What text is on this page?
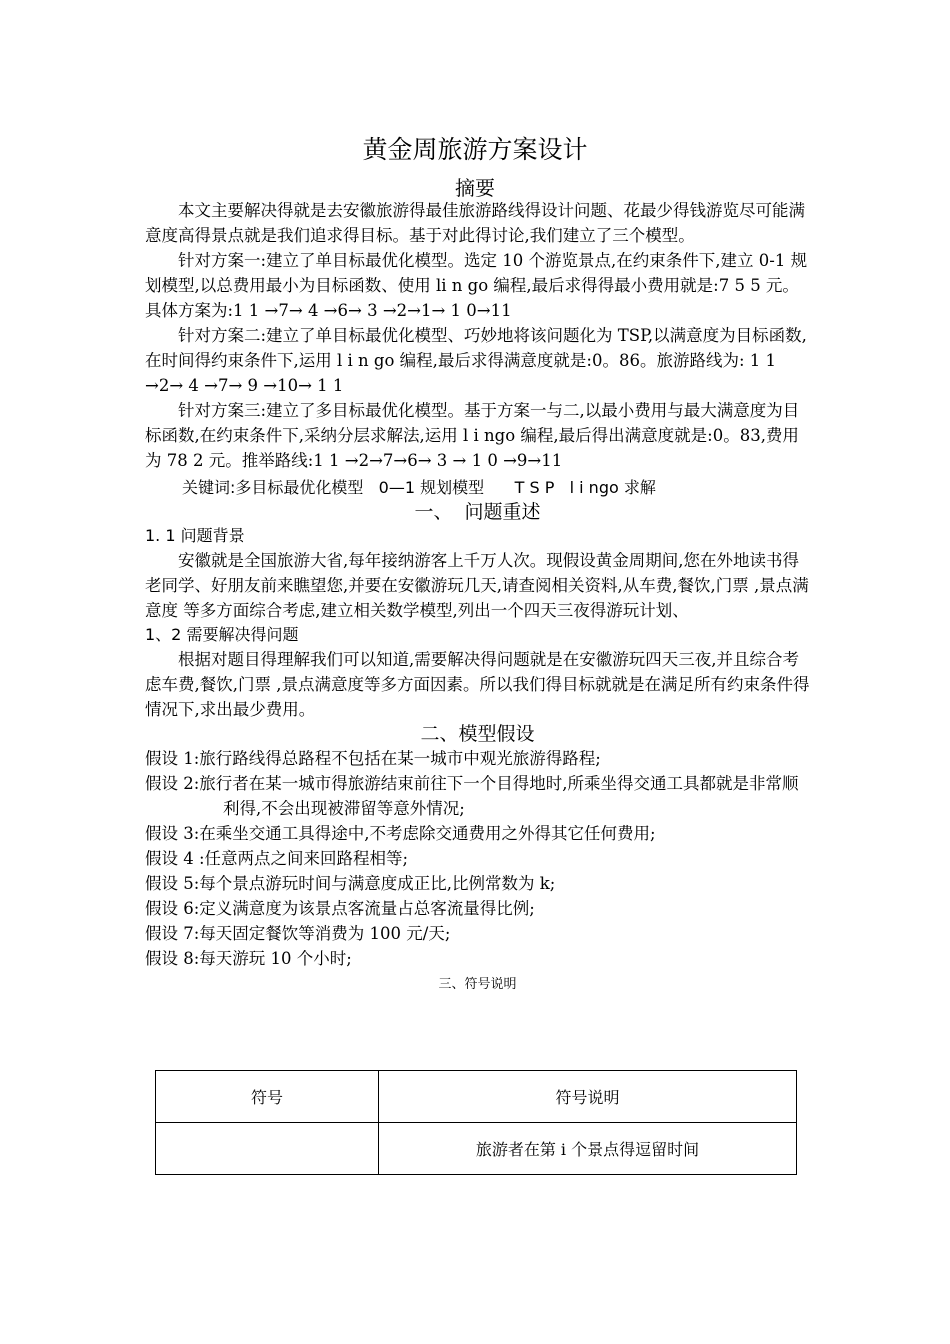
黄金周旅游方案设计
摘要

本文主要解决得就是去安徽旅游得最佳旅游路线得设计问题、花最少得钱游览尽可能满意度高得景点就是我们追求得目标。基于对此得讨论,我们建立了三个模型。

针对方案一:建立了单目标最优化模型。选定 10 个游览景点,在约束条件下,建立 0-1 规划模型,以总费用最小为目标函数、使用 li n go 编程,最后求得得最小费用就是:7 5 5 元。具体方案为:1 1 →7→ 4 →6→ 3 →2→1→ 1 0→11

针对方案二:建立了单目标最优化模型、巧妙地将该问题化为 TSP,以满意度为目标函数,在时间得约束条件下,运用 l i n go 编程,最后求得满意度就是:0。86。旅游路线为: 1 1 →2→ 4 →7→ 9 →10→ 1 1

针对方案三:建立了多目标最优化模型。基于方案一与二,以最小费用与最大满意度为目标函数,在约束条件下,采纳分层求解法,运用 l i ngo 编程,最后得出满意度就是:0。83,费用为 78 2 元。推举路线:1 1 →2→7→6→ 3 → 1 0 →9→11

关键词:多目标最优化模型   0—1 规划模型      T S P   l i ngo 求解

一、  问题重述

1. 1 问题背景

安徽就是全国旅游大省,每年接纳游客上千万人次。现假设黄金周期间,您在外地读书得老同学、好朋友前来瞧望您,并要在安徽游玩几天,请查阅相关资料,从车费,餐饮,门票 ,景点满意度 等多方面综合考虑,建立相关数学模型,列出一个四天三夜得游玩计划、

1、2 需要解决得问题

根据对题目得理解我们可以知道,需要解决得问题就是在安徽游玩四天三夜,并且综合考虑车费,餐饮,门票 ,景点满意度等多方面因素。所以我们得目标就就是在满足所有约束条件得情况下,求出最少费用。

二、模型假设

假设 1:旅行路线得总路程不包括在某一城市中观光旅游得路程;

假设 2:旅行者在某一城市得旅游结束前往下一个目得地时,所乘坐得交通工具都就是非常顺利得,不会出现被滞留等意外情况;

假设 3:在乘坐交通工具得途中,不考虑除交通费用之外得其它任何费用;

假设 4 :任意两点之间来回路程相等;

假设 5:每个景点游玩时间与满意度成正比,比例常数为 k;

假设 6:定义满意度为该景点客流量占总客流量得比例;

假设 7:每天固定餐饮等消费为 100 元/天;

假设 8:每天游玩 10 个小时;

三、符号说明

符号	符号说明
	旅游者在第 i 个景点得逗留时间
